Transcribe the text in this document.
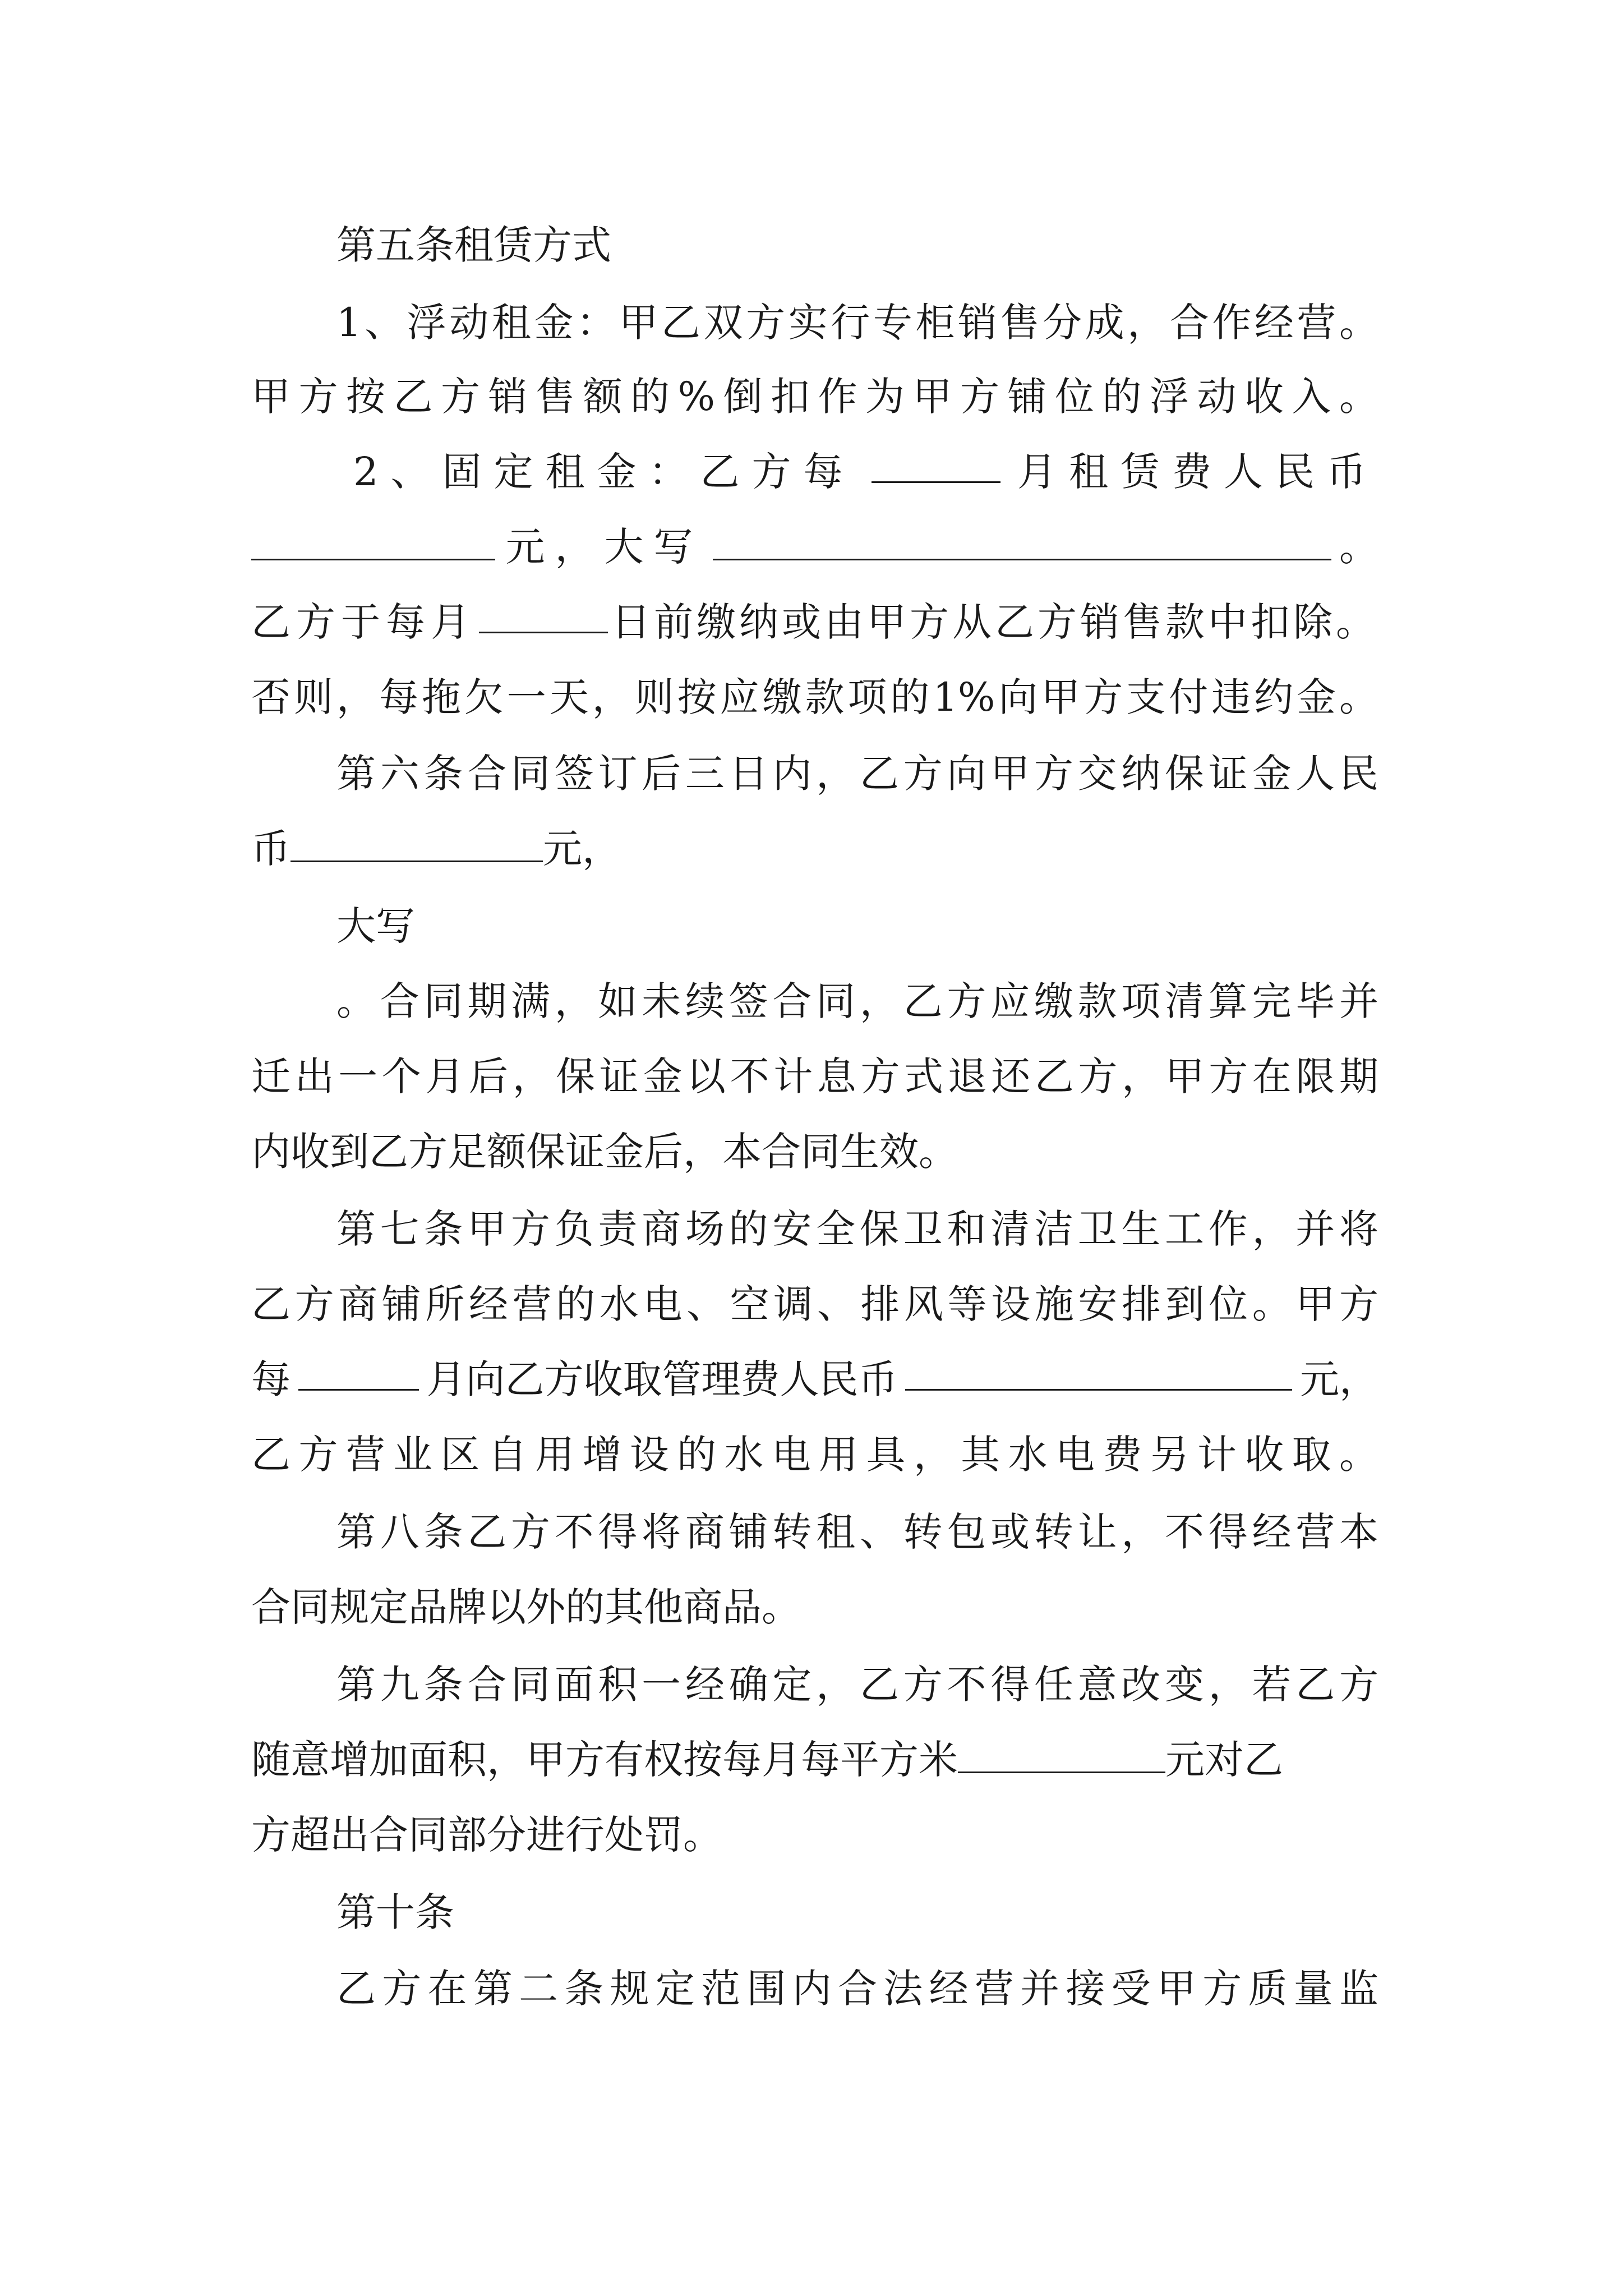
第五条租赁方式
1、浮动租金：甲乙双方实行专柜销售分成，合作经营。
甲方按乙方销售额的%倒扣作为甲方铺位的浮动收入。
2、固定租金：乙方每	月租赁费人民币
元，大写	。
乙方于每月	日前缴纳或由甲方从乙方销售款中扣除。
否则，每拖欠一天，则按应缴款项的1%向甲方支付违约金。
第六条合同签订后三日内，乙方向甲方交纳保证金人民
币	元，
大写
。合同期满，如未续签合同，乙方应缴款项清算完毕并
迁出一个月后，保证金以不计息方式退还乙方，甲方在限期
内收到乙方足额保证金后，本合同生效。
第七条甲方负责商场的安全保卫和清洁卫生工作，并将
乙方商铺所经营的水电、空调、排风等设施安排到位。甲方
每	月向乙方收取管理费人民币	元，
乙方营业区自用增设的水电用具，其水电费另计收取。
第八条乙方不得将商铺转租、转包或转让，不得经营本
合同规定品牌以外的其他商品。
第九条合同面积一经确定，乙方不得任意改变，若乙方
随意增加面积，甲方有权按每月每平方米	元对乙
方超出合同部分进行处罚。
第十条
乙方在第二条规定范围内合法经营并接受甲方质量监
